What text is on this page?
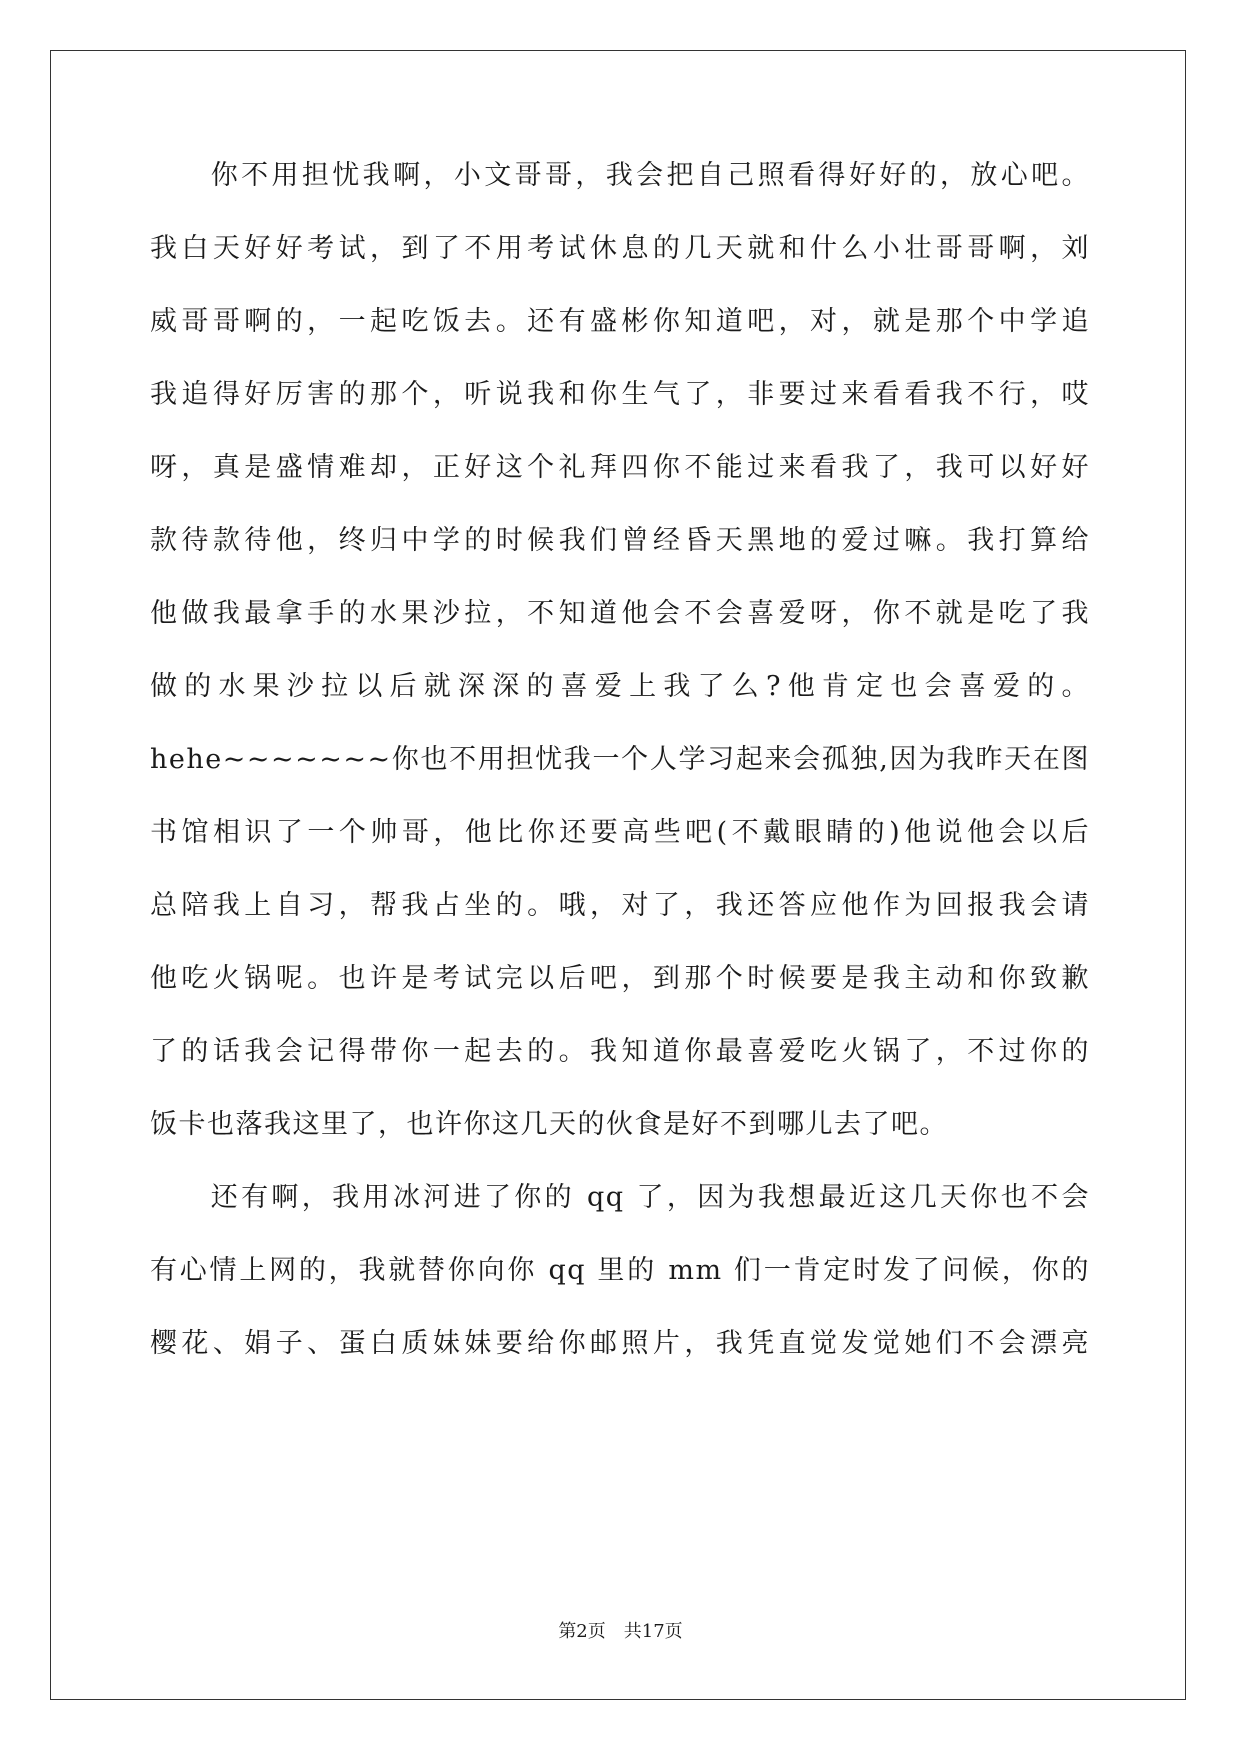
　　你不用担忧我啊，小文哥哥，我会把自己照看得好好的，放心吧。
我白天好好考试，到了不用考试休息的几天就和什么小壮哥哥啊，刘
威哥哥啊的，一起吃饭去。还有盛彬你知道吧，对，就是那个中学追
我追得好厉害的那个，听说我和你生气了，非要过来看看我不行，哎
呀，真是盛情难却，正好这个礼拜四你不能过来看我了，我可以好好
款待款待他，终归中学的时候我们曾经昏天黑地的爱过嘛。我打算给
他做我最拿手的水果沙拉，不知道他会不会喜爱呀，你不就是吃了我
做的水果沙拉以后就深深的喜爱上我了么?他肯定也会喜爱的。
hehe~~~~~~~你也不用担忧我一个人学习起来会孤独,因为我昨天在图
书馆相识了一个帅哥，他比你还要高些吧(不戴眼睛的)他说他会以后
总陪我上自习，帮我占坐的。哦，对了，我还答应他作为回报我会请
他吃火锅呢。也许是考试完以后吧，到那个时候要是我主动和你致歉
了的话我会记得带你一起去的。我知道你最喜爱吃火锅了，不过你的
饭卡也落我这里了，也许你这几天的伙食是好不到哪儿去了吧。
　　还有啊，我用冰河进了你的 qq 了，因为我想最近这几天你也不会
有心情上网的，我就替你向你 qq 里的 mm 们一肯定时发了问候，你的
樱花、娟子、蛋白质妹妹要给你邮照片，我凭直觉发觉她们不会漂亮
第2页　共17页
